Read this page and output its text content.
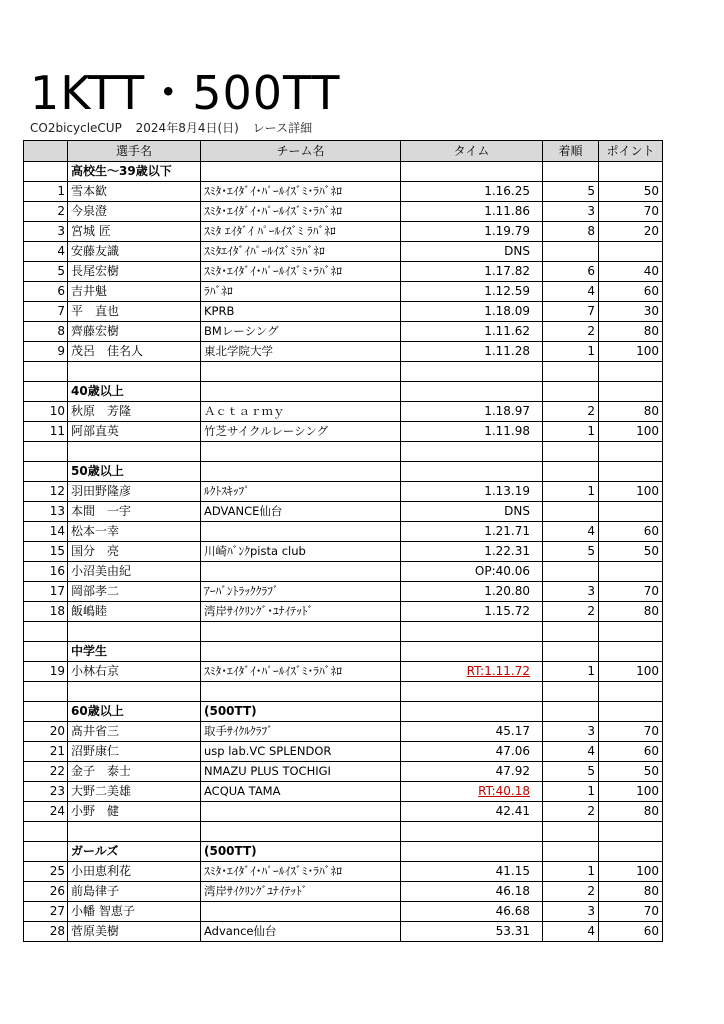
1KTT・500TT
CO2bicycleCUP 2024年8月4日(日) レース詳細
	選手名	チーム名	タイム	着順	ポイント
	高校生～39歳以下				
1	雪本歓	ｽﾐﾀ･ｴｲﾀﾞｲ･ﾊﾟｰﾙｲｽﾞﾐ･ﾗﾊﾞﾈﾛ	1.16.25	5	50
2	今泉澄	ｽﾐﾀ･ｴｲﾀﾞｲ･ﾊﾟｰﾙｲｽﾞﾐ･ﾗﾊﾞﾈﾛ	1.11.86	3	70
3	宮城 匠	ｽﾐﾀ ｴｲﾀﾞｲ ﾊﾟｰﾙｲｽﾞﾐ ﾗﾊﾞﾈﾛ	1.19.79	8	20
4	安藤友識	ｽﾐﾀｴｲﾀﾞｲﾊﾟｰﾙｲｽﾞﾐﾗﾊﾞﾈﾛ	DNS		
5	長尾宏樹	ｽﾐﾀ･ｴｲﾀﾞｲ･ﾊﾟｰﾙｲｽﾞﾐ･ﾗﾊﾞﾈﾛ	1.17.82	6	40
6	吉井魁	ﾗﾊﾞﾈﾛ	1.12.59	4	60
7	平　直也	KPRB	1.18.09	7	30
8	齊藤宏樹	BMレーシング	1.11.62	2	80
9	茂呂　佳名人	東北学院大学	1.11.28	1	100

	40歳以上				
10	秋原　芳隆	Ａｃｔａｒｍｙ	1.18.97	2	80
11	阿部直英	竹芝サイクルレーシング	1.11.98	1	100

	50歳以上				
12	羽田野隆彦	ﾙｸﾄｽｷｯﾌﾟ	1.13.19	1	100
13	本間　一宇	ADVANCE仙台	DNS		
14	松本一幸		1.21.71	4	60
15	国分　亮	川崎ﾊﾞﾝｸpista club	1.22.31	5	50
16	小沼美由紀		OP:40.06		
17	岡部孝二	ｱｰﾊﾞﾝﾄﾗｯｸｸﾗﾌﾞ	1.20.80	3	70
18	飯嶋睦	湾岸ｻｲｸﾘﾝｸﾞ･ﾕﾅｲﾃｯﾄﾞ	1.15.72	2	80

	中学生				
19	小林右京	ｽﾐﾀ･ｴｲﾀﾞｲ･ﾊﾟｰﾙｲｽﾞﾐ･ﾗﾊﾞﾈﾛ	RT:1.11.72	1	100

	60歳以上	(500TT)			
20	髙井省三	取手ｻｲｸﾙｸﾗﾌﾞ	45.17	3	70
21	沼野康仁	usp lab.VC SPLENDOR	47.06	4	60
22	金子　泰士	NMAZU PLUS TOCHIGI	47.92	5	50
23	大野二美雄	ACQUA TAMA	RT:40.18	1	100
24	小野　健		42.41	2	80

	ガールズ	(500TT)			
25	小田恵利花	ｽﾐﾀ･ｴｲﾀﾞｲ･ﾊﾟｰﾙｲｽﾞﾐ･ﾗﾊﾞﾈﾛ	41.15	1	100
26	前島律子	湾岸ｻｲｸﾘﾝｸﾞﾕﾅｲﾃｯﾄﾞ	46.18	2	80
27	小幡 智恵子		46.68	3	70
28	菅原美樹	Advance仙台	53.31	4	60
